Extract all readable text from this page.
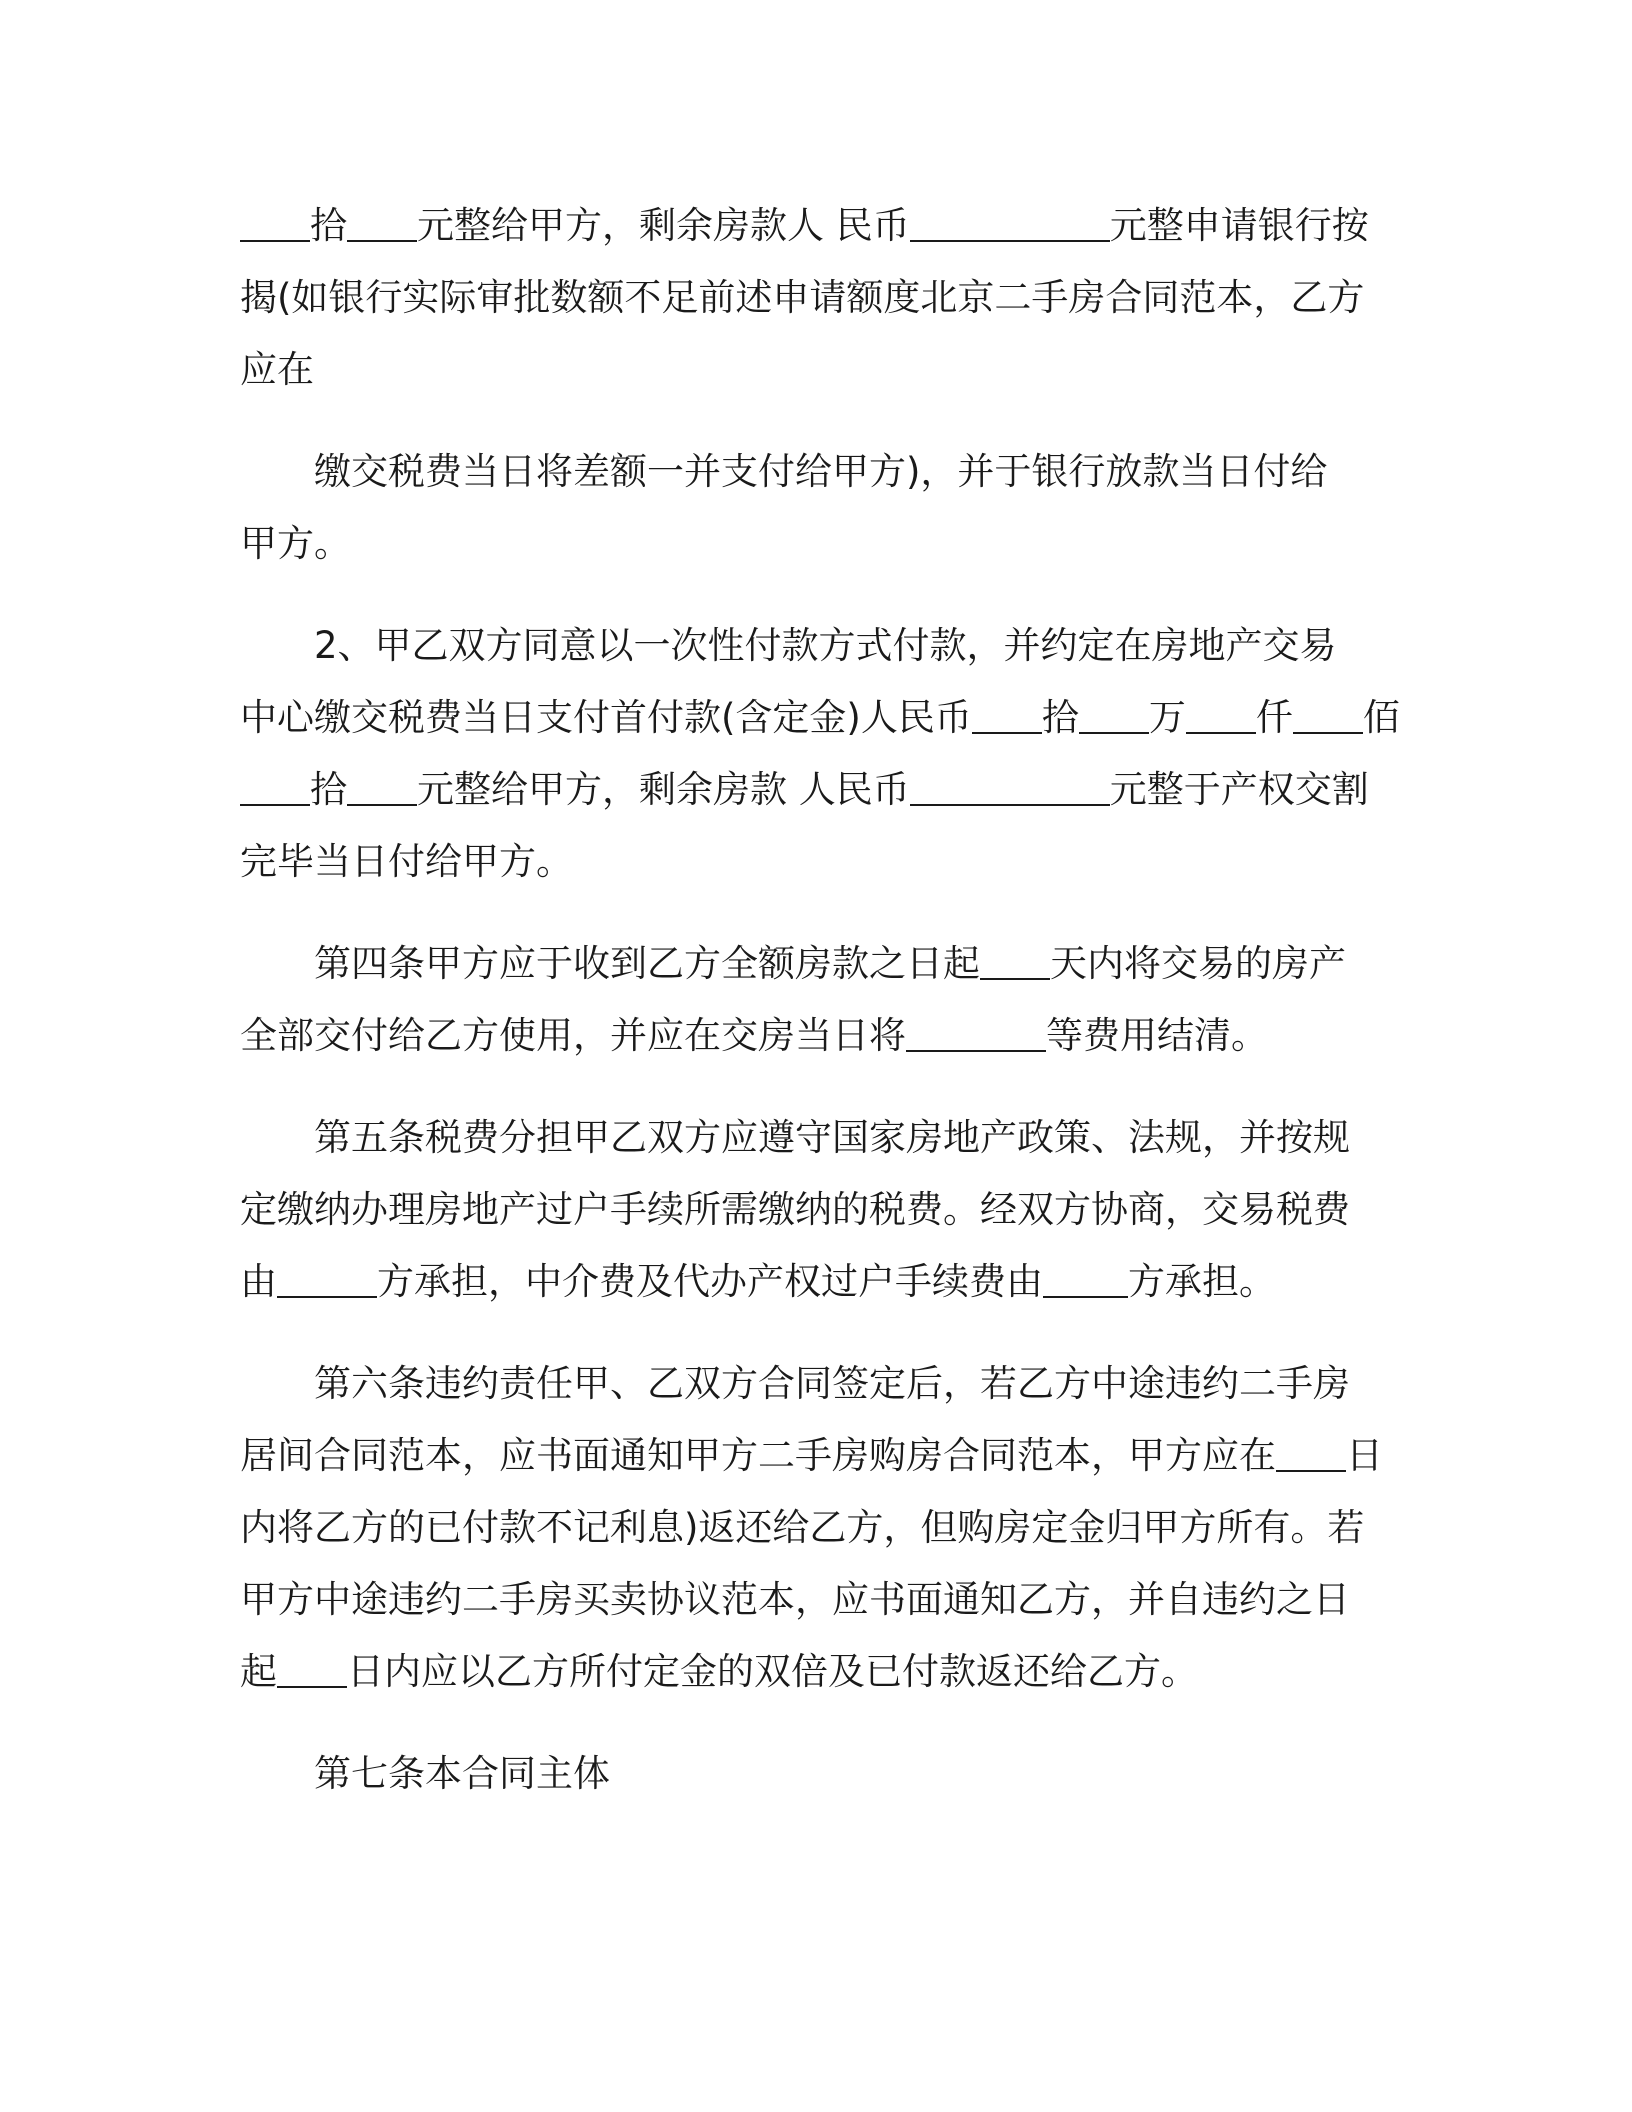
拾 元整给甲方，剩余房款人 民币	元整申请银行按
揭(如银行实际审批数额不足前述申请额度北京二手房合同范本，乙方
应在
缴交税费当日将差额一并支付给甲方)，并于银行放款当日付给
甲方。
2、甲乙双方同意以一次性付款方式付款，并约定在房地产交易
中心缴交税费当日支付首付款(含定金)人民币 拾 万 仟 佰
拾 元整给甲方，剩余房款 人民币	元整于产权交割
完毕当日付给甲方。
第四条甲方应于收到乙方全额房款之日起 天内将交易的房产
全部交付给乙方使用，并应在交房当日将	等费用结清。
第五条税费分担甲乙双方应遵守国家房地产政策、法规，并按规
定缴纳办理房地产过户手续所需缴纳的税费。经双方协商，交易税费
由	方承担，中介费及代办产权过户手续费由 方承担。
第六条违约责任甲、乙双方合同签定后，若乙方中途违约二手房
居间合同范本，应书面通知甲方二手房购房合同范本，甲方应在 日
内将乙方的已付款不记利息)返还给乙方，但购房定金归甲方所有。若
甲方中途违约二手房买卖协议范本，应书面通知乙方，并自违约之日
起 日内应以乙方所付定金的双倍及已付款返还给乙方。
第七条本合同主体
